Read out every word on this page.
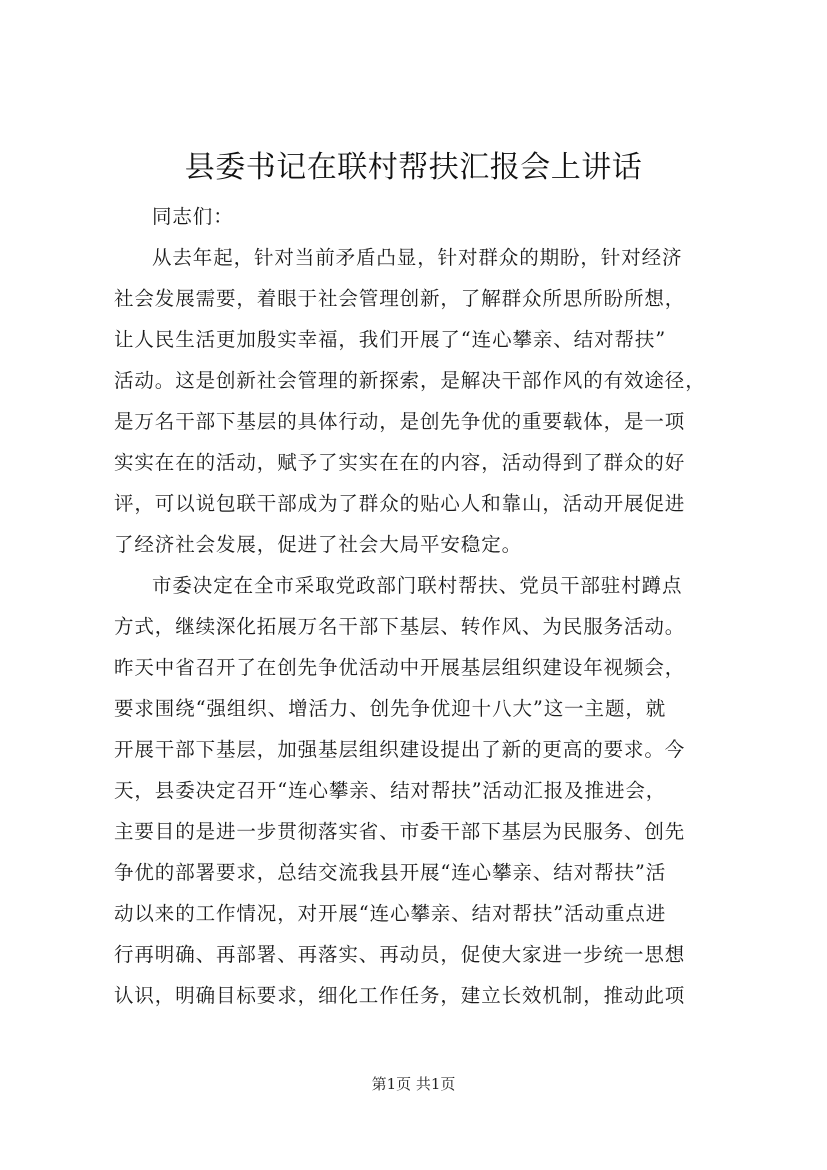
县委书记在联村帮扶汇报会上讲话
同志们：
从去年起，针对当前矛盾凸显，针对群众的期盼，针对经济
社会发展需要，着眼于社会管理创新，了解群众所思所盼所想，
让人民生活更加殷实幸福，我们开展了“连心攀亲、结对帮扶”
活动。这是创新社会管理的新探索，是解决干部作风的有效途径，
是万名干部下基层的具体行动，是创先争优的重要载体，是一项
实实在在的活动，赋予了实实在在的内容，活动得到了群众的好
评，可以说包联干部成为了群众的贴心人和靠山，活动开展促进
了经济社会发展，促进了社会大局平安稳定。
市委决定在全市采取党政部门联村帮扶、党员干部驻村蹲点
方式，继续深化拓展万名干部下基层、转作风、为民服务活动。
昨天中省召开了在创先争优活动中开展基层组织建设年视频会，
要求围绕“强组织、增活力、创先争优迎十八大”这一主题，就
开展干部下基层，加强基层组织建设提出了新的更高的要求。今
天，县委决定召开“连心攀亲、结对帮扶”活动汇报及推进会，
主要目的是进一步贯彻落实省、市委干部下基层为民服务、创先
争优的部署要求，总结交流我县开展“连心攀亲、结对帮扶”活
动以来的工作情况，对开展“连心攀亲、结对帮扶”活动重点进
行再明确、再部署、再落实、再动员，促使大家进一步统一思想
认识，明确目标要求，细化工作任务，建立长效机制，推动此项
第1页 共1页
